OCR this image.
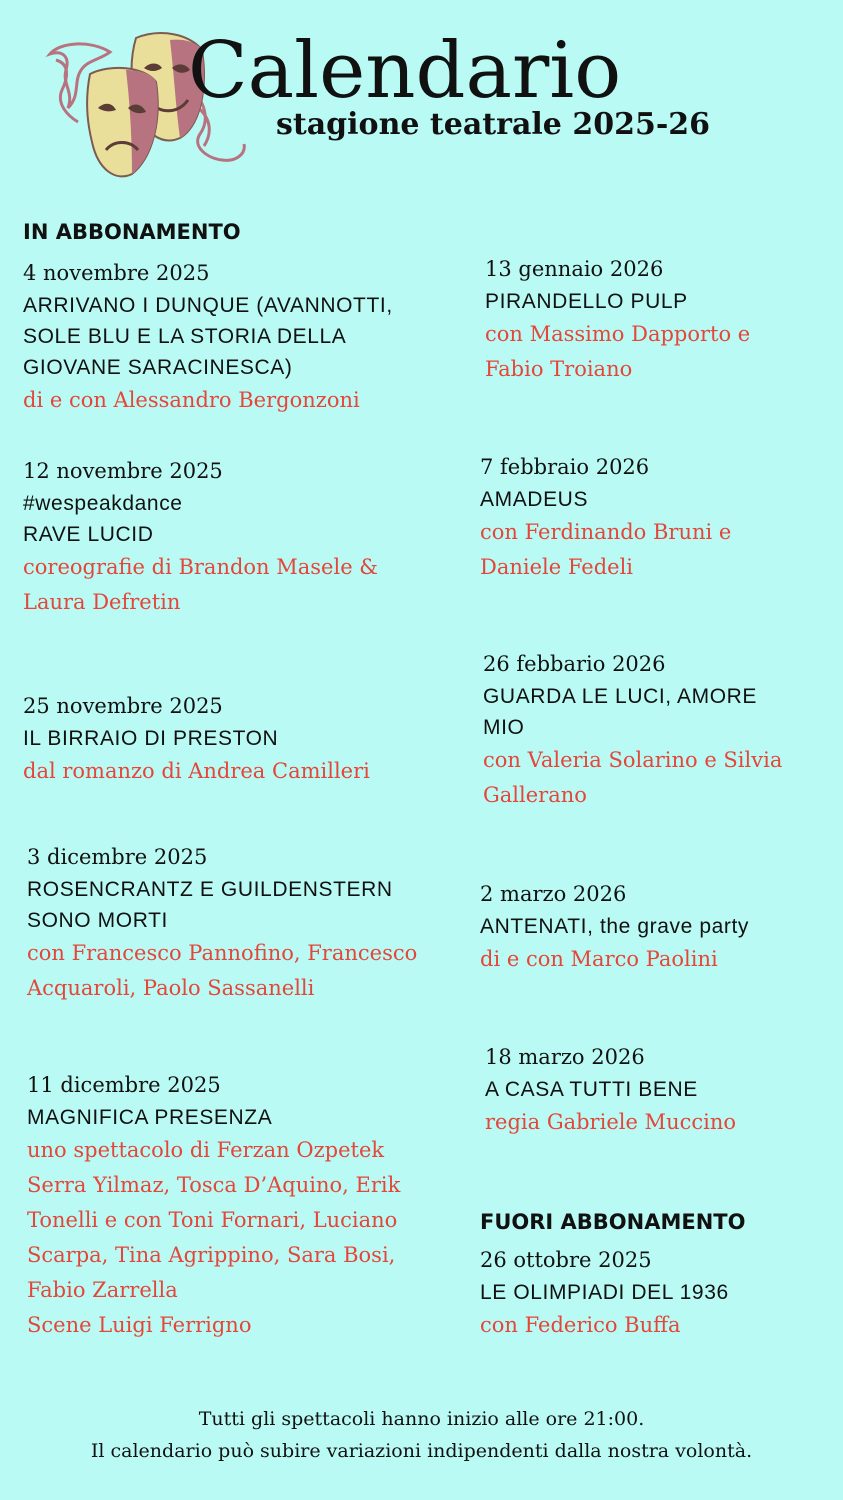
Calendario
stagione teatrale 2025-26
IN ABBONAMENTO
FUORI ABBONAMENTO
4 novembre 2025
ARRIVANO I DUNQUE (AVANNOTTI,
SOLE BLU E LA STORIA DELLA
GIOVANE SARACINESCA)
di e con Alessandro Bergonzoni
12 novembre 2025
#wespeakdance
RAVE LUCID
coreografie di Brandon Masele &
Laura Defretin
25 novembre 2025
IL BIRRAIO DI PRESTON
dal romanzo di Andrea Camilleri
3 dicembre 2025
ROSENCRANTZ E GUILDENSTERN
SONO MORTI
con Francesco Pannofino, Francesco
Acquaroli, Paolo Sassanelli
11 dicembre 2025
MAGNIFICA PRESENZA
uno spettacolo di Ferzan Ozpetek
Serra Yilmaz, Tosca D’Aquino, Erik
Tonelli e con Toni Fornari, Luciano
Scarpa, Tina Agrippino, Sara Bosi,
Fabio Zarrella
Scene Luigi Ferrigno
13 gennaio 2026
PIRANDELLO PULP
con Massimo Dapporto e
Fabio Troiano
7 febbraio 2026
AMADEUS
con Ferdinando Bruni e
Daniele Fedeli
26 febbario 2026
GUARDA LE LUCI, AMORE
MIO
con Valeria Solarino e Silvia
Gallerano
2 marzo 2026
ANTENATI, the grave party
di e con Marco Paolini
18 marzo 2026
A CASA TUTTI BENE
regia Gabriele Muccino
26 ottobre 2025
LE OLIMPIADI DEL 1936
con Federico Buffa
Tutti gli spettacoli hanno inizio alle ore 21:00.
Il calendario può subire variazioni indipendenti dalla nostra volontà.
